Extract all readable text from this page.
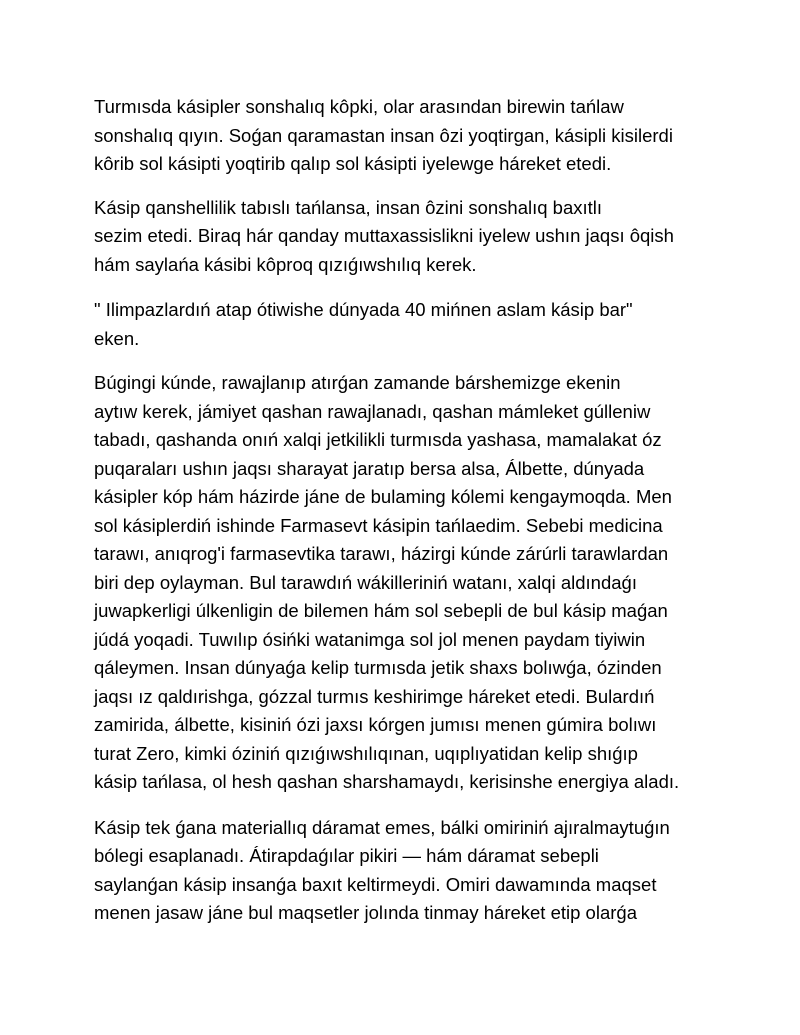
Turmısda kásipler sonshalıq kôpki, olar arasından birewin tańlaw
sonshalıq qıyın. Soǵan qaramastan insan ôzi yoqtirgan, kásipli kisilerdi
kôrib sol kásipti yoqtirib qalıp sol kásipti iyelewge háreket etedi.
Kásip qanshellilik tabıslı tańlansa, insan ôzini sonshalıq baxıtlı
sezim etedi. Biraq hár qanday muttaxassislikni iyelew ushın jaqsı ôqish
hám saylańa kásibi kôproq qızıǵıwshılıq kerek.
" Ilimpazlardıń atap ótiwishe dúnyada 40 mińnen aslam kásip bar"
eken.
Búgingi kúnde, rawajlanıp atırǵan zamande bárshemizge ekenin
aytıw kerek, jámiyet qashan rawajlanadı, qashan mámleket gúlleniw
tabadı, qashanda onıń xalqi jetkilikli turmısda yashasa, mamalakat óz
puqaraları ushın jaqsı sharayat jaratıp bersa alsa, Álbette, dúnyada
kásipler kóp hám házirde jáne de bulaming kólemi kengaymoqda. Men
sol kásiplerdiń ishinde Farmasevt kásipin tańlaedim. Sebebi medicina
tarawı, anıqrog'i farmasevtika tarawı, házirgi kúnde zárúrli tarawlardan
biri dep oylayman. Bul tarawdıń wákilleriniń watanı, xalqi aldındaǵı
juwapkerligi úlkenligin de bilemen hám sol sebepli de bul kásip maǵan
júdá yoqadi. Tuwılıp ósińki watanimga sol jol menen paydam tiyiwin
qáleymen. Insan dúnyaǵa kelip turmısda jetik shaxs bolıwǵa, ózinden
jaqsı ız qaldırishga, gózzal turmıs keshirimge háreket etedi. Bulardıń
zamirida, álbette, kisiniń ózi jaxsı kórgen jumısı menen gúmira bolıwı
turat Zero, kimki óziniń qızıǵıwshılıqınan, uqıplıyatidan kelip shıǵıp
kásip tańlasa, ol hesh qashan sharshamaydı, kerisinshe energiya aladı.
Kásip tek ǵana materiallıq dáramat emes, bálki omiriniń ajıralmaytuǵın
bólegi esaplanadı. Átirapdaǵılar pikiri — hám dáramat sebepli
saylanǵan kásip insanǵa baxıt keltirmeydi. Omiri dawamında maqset
menen jasaw jáne bul maqsetler jolında tinmay háreket etip olarǵa
